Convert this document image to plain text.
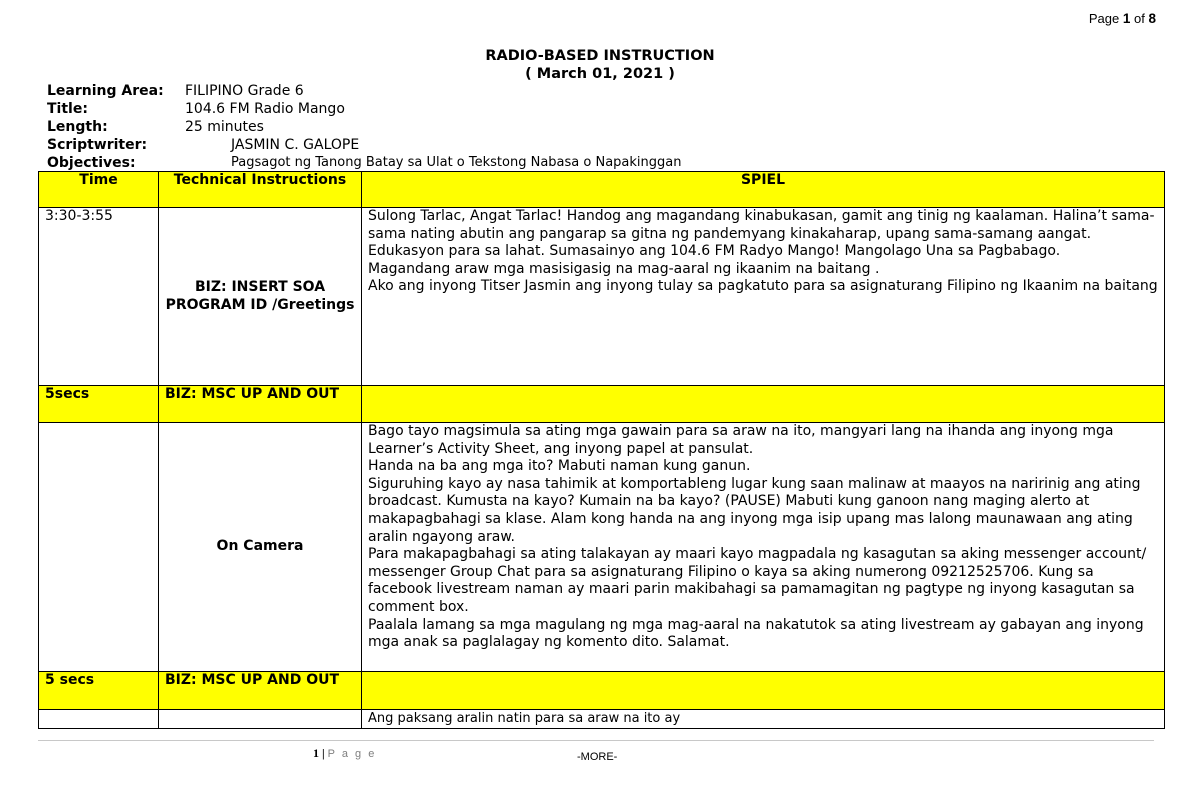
Page 1 of 8
RADIO-BASED INSTRUCTION
( March 01, 2021 )
Learning Area:	FILIPINO Grade 6
Title:	104.6 FM Radio Mango
Length:	25 minutes
Scriptwriter:	JASMIN C. GALOPE
Objectives:	Pagsagot ng Tanong Batay sa Ulat o Tekstong Nabasa o Napakinggan
Time	Technical Instructions	SPIEL
3:30-3:55	BIZ: INSERT SOA PROGRAM ID /Greetings	Sulong Tarlac, Angat Tarlac! Handog ang magandang kinabukasan, gamit ang tinig ng kaalaman. Halina’t sama-sama nating abutin ang pangarap sa gitna ng pandemyang kinakaharap, upang sama-samang aangat. Edukasyon para sa lahat. Sumasainyo ang 104.6 FM Radyo Mango! Mangolago Una sa Pagbabago.

Magandang araw mga masisigasig na mag-aaral ng ikaanim na baitang .

Ako ang inyong Titser Jasmin ang inyong tulay sa pagkatuto para sa asignaturang Filipino ng Ikaanim na baitang

5secs	BIZ: MSC UP AND OUT	
	On Camera	Bago tayo magsimula sa ating mga gawain para sa araw na ito, mangyari lang na ihanda ang inyong mga Learner’s Activity Sheet, ang inyong papel at pansulat.

Handa na ba ang mga ito? Mabuti naman kung ganun.

Siguruhing kayo ay nasa tahimik at komportableng lugar kung saan malinaw at maayos na naririnig ang ating broadcast. Kumusta na kayo? Kumain na ba kayo? (PAUSE) Mabuti kung ganoon nang maging alerto at makapagbahagi sa klase. Alam kong handa na ang inyong mga isip upang mas lalong maunawaan ang ating aralin ngayong araw.

Para makapagbahagi sa ating talakayan ay maari kayo magpadala ng kasagutan sa aking messenger account/ messenger Group Chat para sa asignaturang Filipino o kaya sa aking numerong 09212525706. Kung sa facebook livestream naman ay maari parin makibahagi sa pamamagitan ng pagtype ng inyong kasagutan sa comment box.

Paalala lamang sa mga magulang ng mga mag-aaral na nakatutok sa ating livestream ay gabayan ang inyong mga anak sa paglalagay ng komento dito. Salamat.

5 secs	BIZ: MSC UP AND OUT	
		Ang paksang aralin natin para sa araw na ito ay
1 | P a g e	-MORE-
